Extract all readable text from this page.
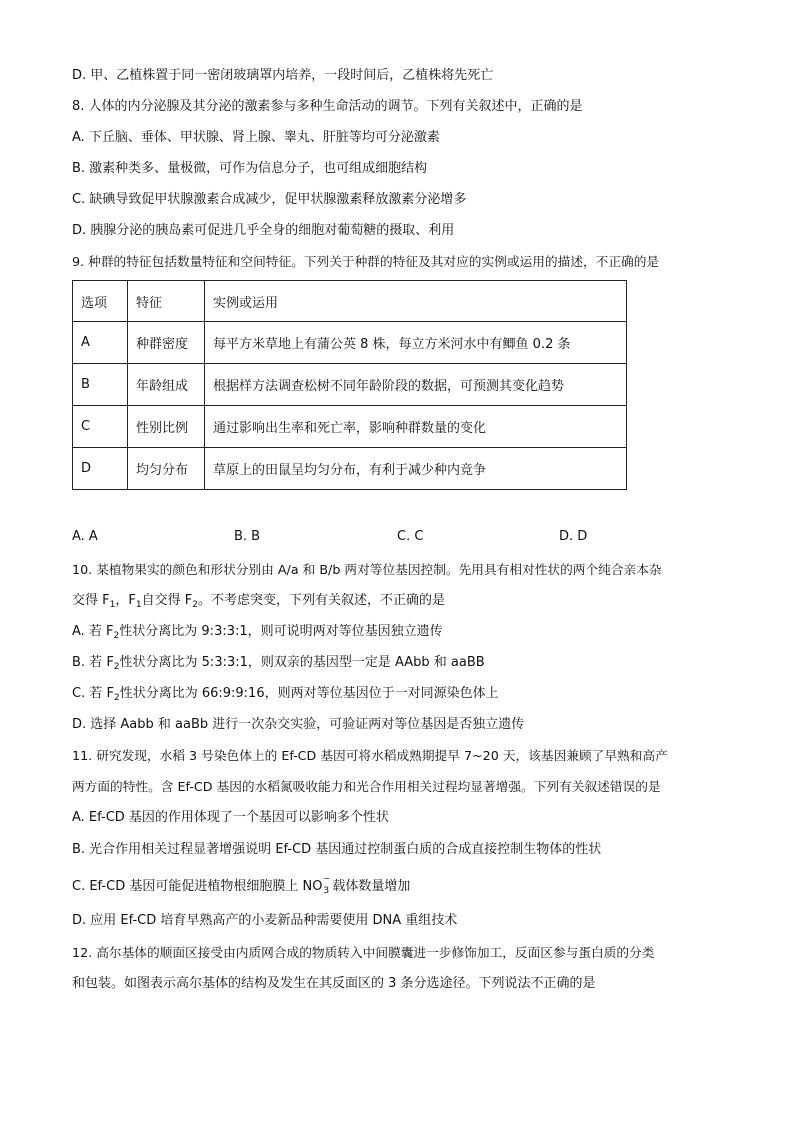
D. 甲、乙植株置于同一密闭玻璃罩内培养，一段时间后，乙植株将先死亡
8. 人体的内分泌腺及其分泌的激素参与多种生命活动的调节。下列有关叙述中，正确的是
A. 下丘脑、垂体、甲状腺、肾上腺、睾丸、肝脏等均可分泌激素
B. 激素种类多、量极微，可作为信息分子，也可组成细胞结构
C. 缺碘导致促甲状腺激素合成减少，促甲状腺激素释放激素分泌增多
D. 胰腺分泌的胰岛素可促进几乎全身的细胞对葡萄糖的摄取、利用
9. 种群的特征包括数量特征和空间特征。下列关于种群的特征及其对应的实例或运用的描述，不正确的是
选项	特征	实例或运用
A	种群密度	每平方米草地上有蒲公英 8 株，每立方米河水中有鲫鱼 0.2 条
B	年龄组成	根据样方法调查松树不同年龄阶段的数据，可预测其变化趋势
C	性别比例	通过影响出生率和死亡率，影响种群数量的变化
D	均匀分布	草原上的田鼠呈均匀分布，有利于减少种内竞争
A. A	B. B	C. C	D. D
10. 某植物果实的颜色和形状分别由 A/a 和 B/b 两对等位基因控制。先用具有相对性状的两个纯合亲本杂
交得 $F_1$，$F_1$自交得 $F_2$。不考虑突变，下列有关叙述，不正确的是
A. 若 $F_2$性状分离比为 9:3:3:1，则可说明两对等位基因独立遗传
B. 若 $F_2$性状分离比为 5:3:3:1，则双亲的基因型一定是 AAbb 和 aaBB
C. 若 $F_2$性状分离比为 66:9:9:16，则两对等位基因位于一对同源染色体上
D. 选择 Aabb 和 aaBb 进行一次杂交实验，可验证两对等位基因是否独立遗传
11. 研究发现，水稻 3 号染色体上的 Ef-CD 基因可将水稻成熟期提早 7~20 天，该基因兼顾了早熟和高产
两方面的特性。含 Ef-CD 基因的水稻氮吸收能力和光合作用相关过程均显著增强。下列有关叙述错误的是
A. Ef-CD 基因的作用体现了一个基因可以影响多个性状
B. 光合作用相关过程显著增强说明 Ef-CD 基因通过控制蛋白质的合成直接控制生物体的性状
C. Ef-CD 基因可能促进植物根细胞膜上 NO
−
3 载体数量增加
D. 应用 Ef-CD 培育早熟高产的小麦新品种需要使用 DNA 重组技术
12. 高尔基体的顺面区接受由内质网合成的物质转入中间膜囊进一步修饰加工，反面区参与蛋白质的分类
和包装。如图表示高尔基体的结构及发生在其反面区的 3 条分选途径。下列说法不正确的是
